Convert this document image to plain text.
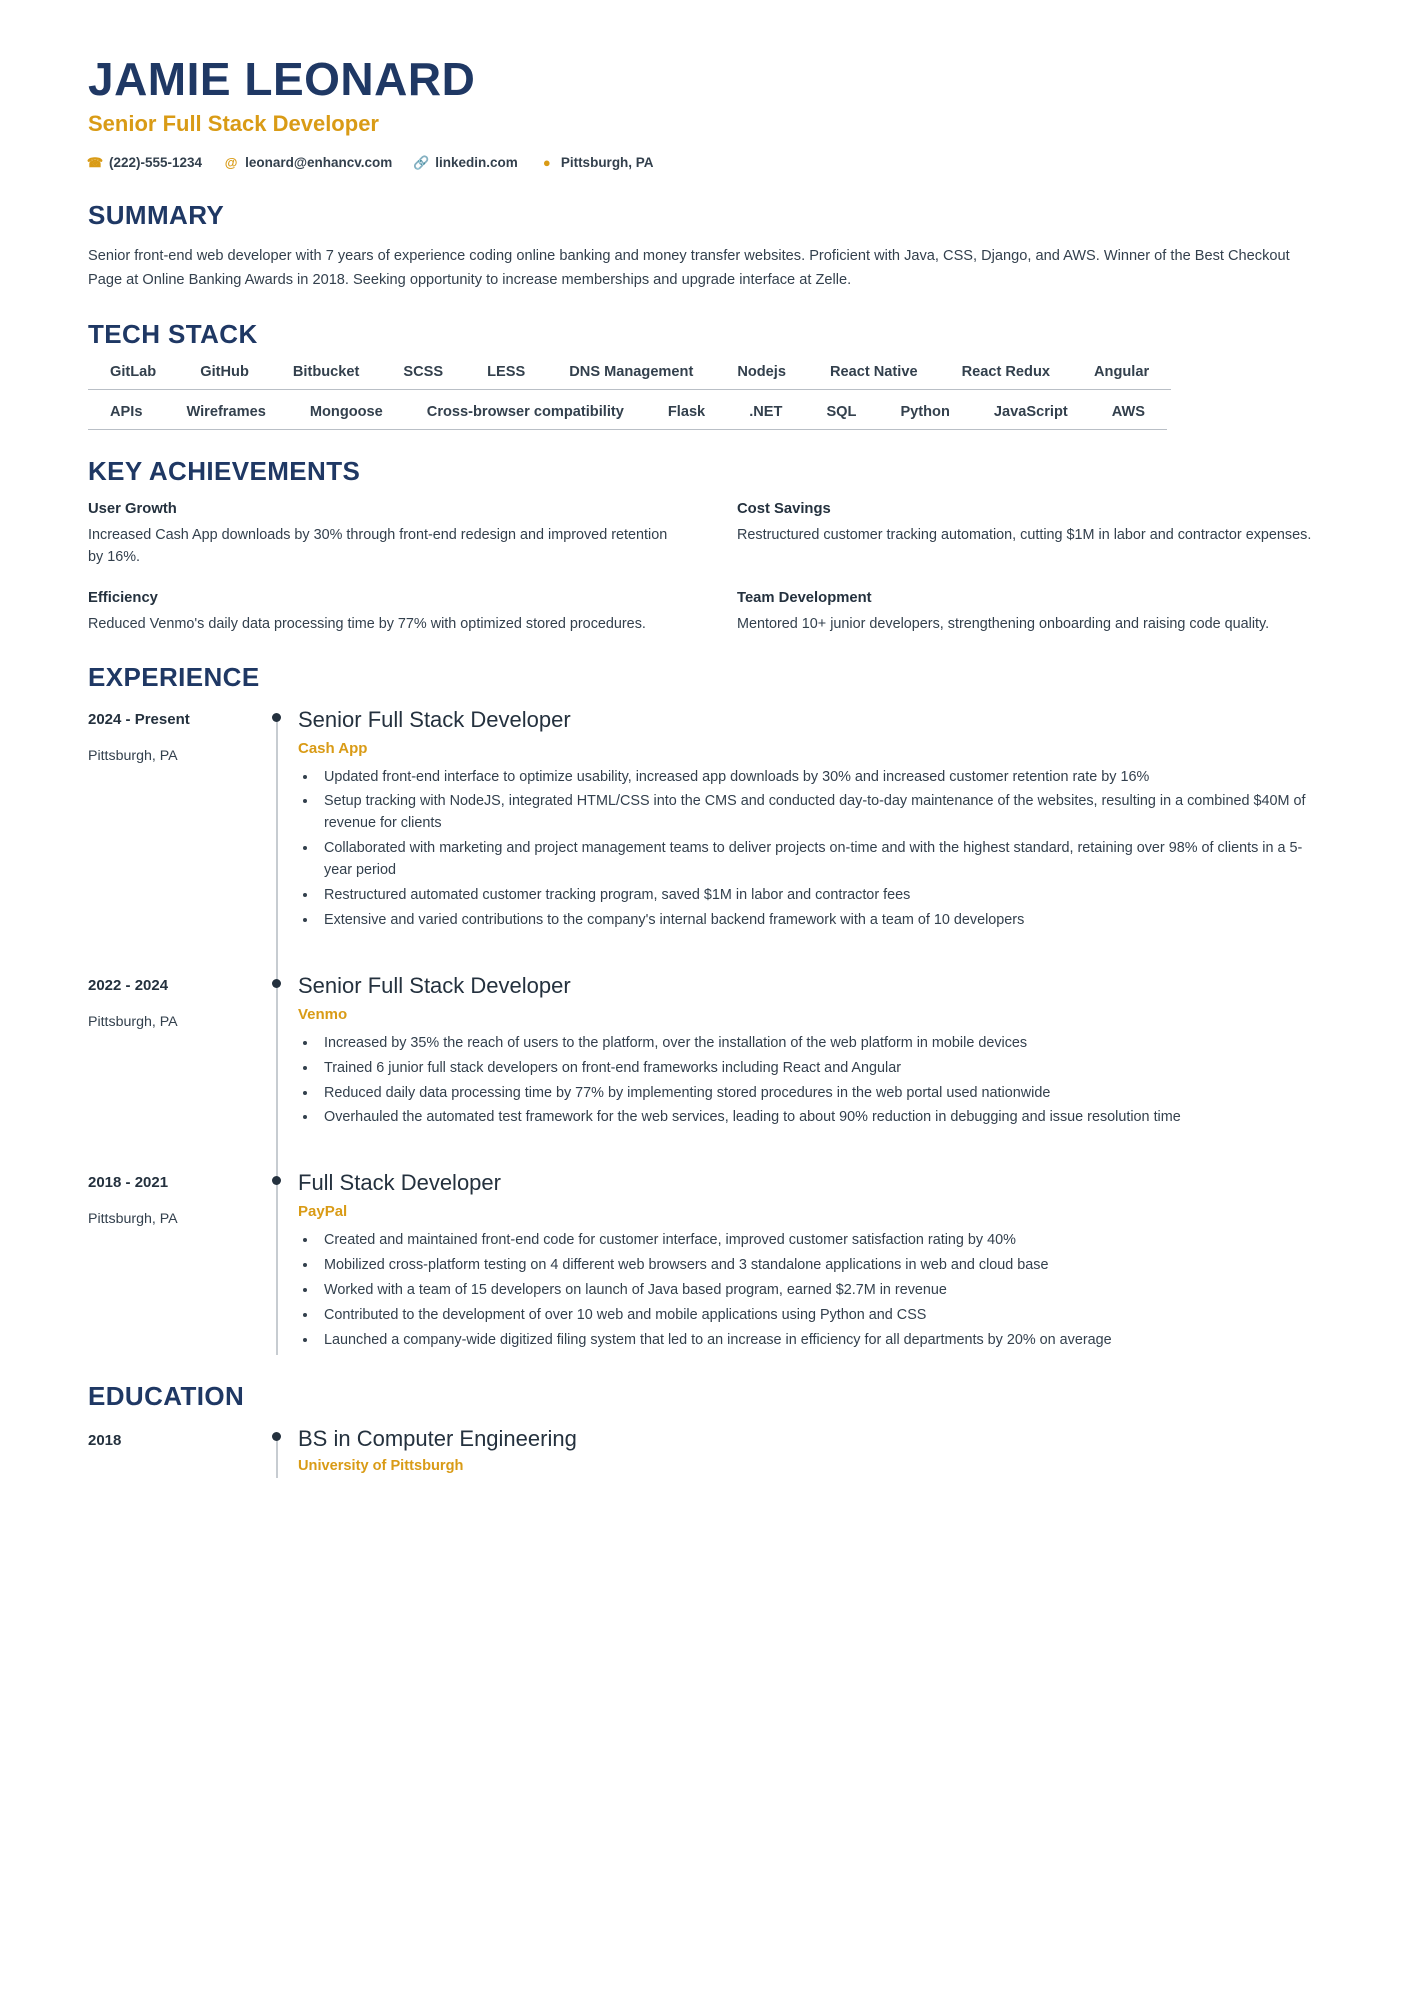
JAMIE LEONARD
Senior Full Stack Developer
☎ (222)-555-1234 @ leonard@enhancv.com 🔗 linkedin.com ● Pittsburgh, PA
SUMMARY
Senior front-end web developer with 7 years of experience coding online banking and money transfer websites. Proficient with Java, CSS, Django, and AWS. Winner of the Best Checkout Page at Online Banking Awards in 2018. Seeking opportunity to increase memberships and upgrade interface at Zelle.
TECH STACK
GitLab	GitHub	Bitbucket	SCSS	LESS	DNS Management	Nodejs	React Native	React Redux	Angular
APIs	Wireframes	Mongoose	Cross-browser compatibility	Flask	.NET	SQL	Python	JavaScript	AWS
KEY ACHIEVEMENTS
User Growth
Increased Cash App downloads by 30% through front-end redesign and improved retention by 16%.
Cost Savings
Restructured customer tracking automation, cutting $1M in labor and contractor expenses.
Efficiency
Reduced Venmo's daily data processing time by 77% with optimized stored procedures.
Team Development
Mentored 10+ junior developers, strengthening onboarding and raising code quality.
EXPERIENCE
2024 - Present
Pittsburgh, PA
Senior Full Stack Developer
Cash App
• Updated front-end interface to optimize usability, increased app downloads by 30% and increased customer retention rate by 16%
• Setup tracking with NodeJS, integrated HTML/CSS into the CMS and conducted day-to-day maintenance of the websites, resulting in a combined $40M of revenue for clients
• Collaborated with marketing and project management teams to deliver projects on-time and with the highest standard, retaining over 98% of clients in a 5-year period
• Restructured automated customer tracking program, saved $1M in labor and contractor fees
• Extensive and varied contributions to the company's internal backend framework with a team of 10 developers
2022 - 2024
Pittsburgh, PA
Senior Full Stack Developer
Venmo
• Increased by 35% the reach of users to the platform, over the installation of the web platform in mobile devices
• Trained 6 junior full stack developers on front-end frameworks including React and Angular
• Reduced daily data processing time by 77% by implementing stored procedures in the web portal used nationwide
• Overhauled the automated test framework for the web services, leading to about 90% reduction in debugging and issue resolution time
2018 - 2021
Pittsburgh, PA
Full Stack Developer
PayPal
• Created and maintained front-end code for customer interface, improved customer satisfaction rating by 40%
• Mobilized cross-platform testing on 4 different web browsers and 3 standalone applications in web and cloud base
• Worked with a team of 15 developers on launch of Java based program, earned $2.7M in revenue
• Contributed to the development of over 10 web and mobile applications using Python and CSS
• Launched a company-wide digitized filing system that led to an increase in efficiency for all departments by 20% on average
EDUCATION
2018	BS in Computer Engineering
University of Pittsburgh
